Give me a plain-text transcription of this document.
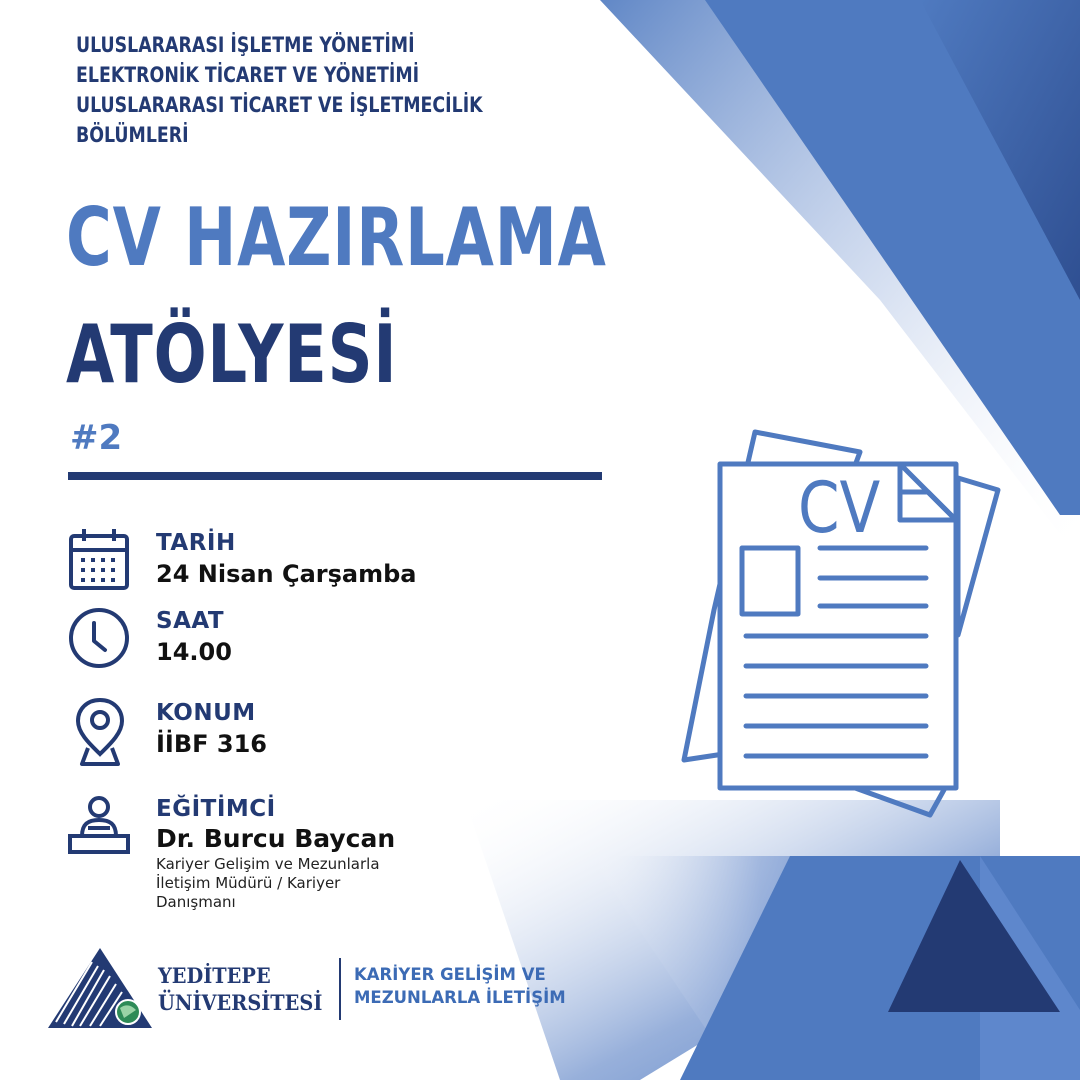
ULUSLARARASI İŞLETME YÖNETİMİ
ELEKTRONİK TİCARET VE YÖNETİMİ
ULUSLARARASI TİCARET VE İŞLETMECİLİK
BÖLÜMLERİ
CV HAZIRLAMA
ATÖLYESİ
#2
TARİH
24 Nisan Çarşamba
SAAT
14.00
KONUM
İİBF 316
EĞİTİMCİ
Dr. Burcu Baycan
Kariyer Gelişim ve Mezunlarla İletişim Müdürü / Kariyer Danışmanı
CV
YEDİTEPE
ÜNİVERSİTESİ
KARİYER GELİŞİM VE
MEZUNLARLA İLETİŞİM
